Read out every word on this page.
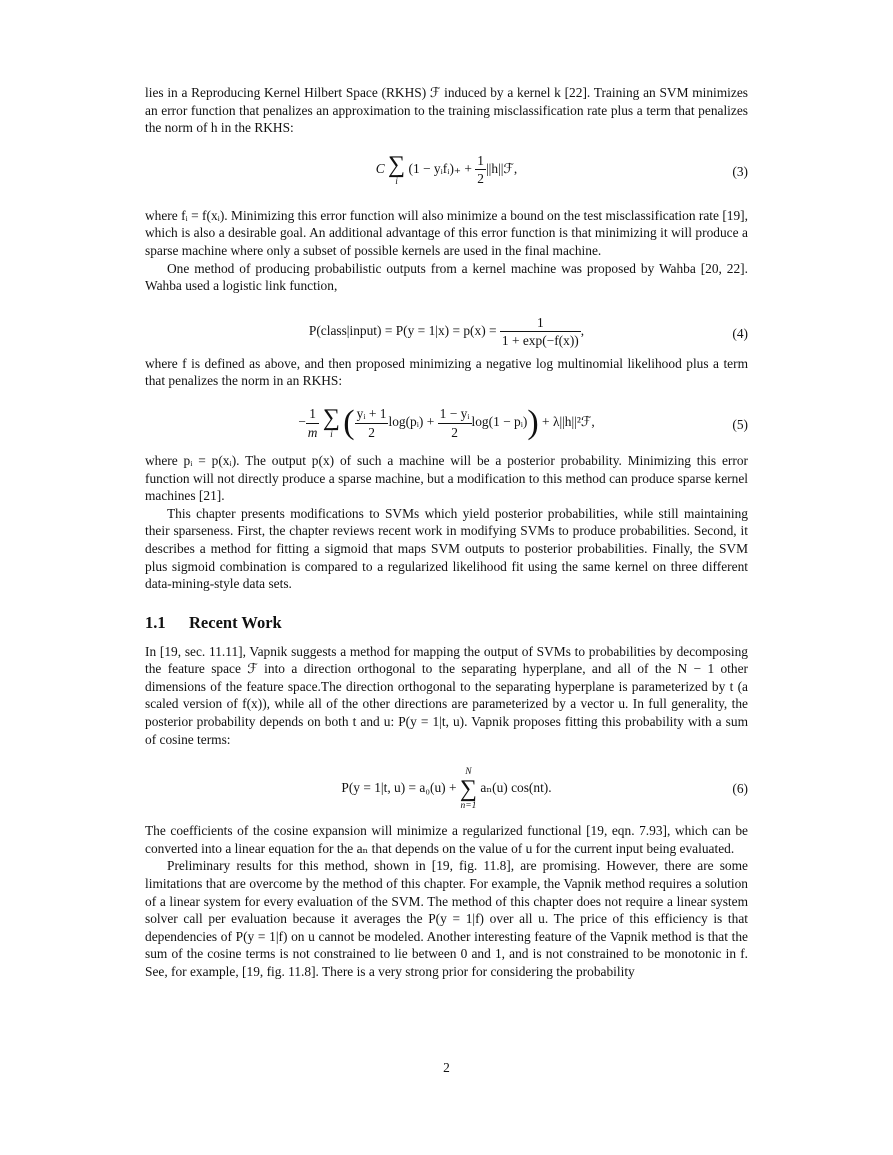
lies in a Reproducing Kernel Hilbert Space (RKHS) ℱ induced by a kernel k [22]. Training an SVM minimizes an error function that penalizes an approximation to the training misclassification rate plus a term that penalizes the norm of h in the RKHS:

C ∑
i
(1 − yᵢfᵢ)₊ + $\frac{1}{2}$ ||h||ℱ,	(3)

where fᵢ = f(xᵢ). Minimizing this error function will also minimize a bound on the test misclassification rate [19], which is also a desirable goal. An additional advantage of this error function is that minimizing it will produce a sparse machine where only a subset of possible kernels are used in the final machine.

One method of producing probabilistic outputs from a kernel machine was proposed by Wahba [20, 22]. Wahba used a logistic link function,

P(class|input) = $P(y = 1|x) = p(x) = \frac{1}{1 + \exp(-f(x))}$ ,	(4)

where f is defined as above, and then proposed minimizing a negative log multinomial likelihood plus a term that penalizes the norm in an RKHS:

− $\frac{1}{m}$
∑
i ( $\frac{\text{yᵢ + 1}}{2}$ log(pᵢ) + $\frac{\text{1 − yᵢ}}{2} \log(1$ − pᵢ)) + λ||h||²ℱ,	(5)

where pᵢ = p(xᵢ). The output p(x) of such a machine will be a posterior probability. Minimizing this error function will not directly produce a sparse machine, but a modification to this method can produce sparse kernel machines [21].

This chapter presents modifications to SVMs which yield posterior probabilities, while still maintaining their sparseness. First, the chapter reviews recent work in modifying SVMs to produce probabilities. Second, it describes a method for fitting a sigmoid that maps SVM outputs to posterior probabilities. Finally, the SVM plus sigmoid combination is compared to a regularized likelihood fit using the same kernel on three different data-mining-style data sets.

1.1 Recent Work

In [19, sec. 11.11], Vapnik suggests a method for mapping the output of SVMs to probabilities by decomposing the feature space ℱ into a direction orthogonal to the separating hyperplane, and all of the N − 1 other dimensions of the feature space.The direction orthogonal to the separating hyperplane is parameterized by t (a scaled version of f(x)), while all of the other directions are parameterized by a vector u. In full generality, the posterior probability depends on both t and u: P(y = 1|t, u). Vapnik proposes fitting this probability with a sum of cosine terms:

P(y = 1|t, u) = a₀(u) +
N
∑
n=1
aₙ(u) cos(nt).	(6)

The coefficients of the cosine expansion will minimize a regularized functional [19, eqn. 7.93], which can be converted into a linear equation for the aₙ that depends on the value of u for the current input being evaluated.

Preliminary results for this method, shown in [19, fig. 11.8], are promising. However, there are some limitations that are overcome by the method of this chapter. For example, the Vapnik method requires a solution of a linear system for every evaluation of the SVM. The method of this chapter does not require a linear system solver call per evaluation because it averages the P(y = 1|f) over all u. The price of this efficiency is that dependencies of P(y = 1|f) on u cannot be modeled. Another interesting feature of the Vapnik method is that the sum of the cosine terms is not constrained to lie between 0 and 1, and is not constrained to be monotonic in f. See, for example, [19, fig. 11.8]. There is a very strong prior for considering the probability

2
